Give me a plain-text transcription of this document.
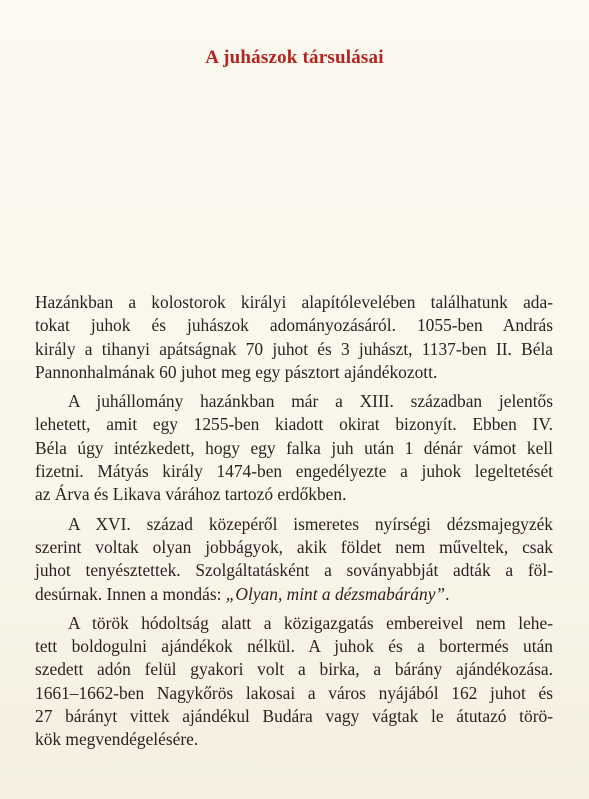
A juhászok társulásai
Hazánkban a kolostorok királyi alapítólevelében találhatunk ada-
tokat juhok és juhászok adományozásáról. 1055-ben András
király a tihanyi apátságnak 70 juhot és 3 juhászt, 1137-ben II. Béla
Pannonhalmának 60 juhot meg egy pásztort ajándékozott.
A juhállomány hazánkban már a XIII. században jelentős
lehetett, amit egy 1255-ben kiadott okirat bizonyít. Ebben IV.
Béla úgy intézkedett, hogy egy falka juh után 1 dénár vámot kell
fizetni. Mátyás király 1474-ben engedélyezte a juhok legeltetését
az Árva és Likava várához tartozó erdőkben.
A XVI. század közepéről ismeretes nyírségi dézsmajegyzék
szerint voltak olyan jobbágyok, akik földet nem műveltek, csak
juhot tenyésztettek. Szolgáltatásként a soványabbját adták a föl-
desúrnak. Innen a mondás: „Olyan, mint a dézsmabárány”.
A török hódoltság alatt a közigazgatás embereivel nem lehe-
tett boldogulni ajándékok nélkül. A juhok és a bortermés után
szedett adón felül gyakori volt a birka, a bárány ajándékozása.
1661–1662-ben Nagykőrös lakosai a város nyájából 162 juhot és
27 bárányt vittek ajándékul Budára vagy vágtak le átutazó törö-
kök megvendégelésére.
